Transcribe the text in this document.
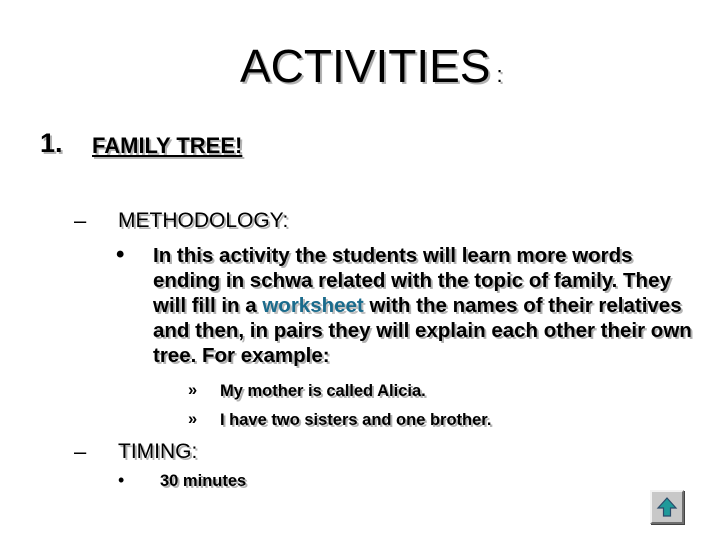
ACTIVITIES :
1. FAMILY TREE!
– METHODOLOGY:
• In this activity the students will learn more words ending in schwa related with the topic of family. They will fill in a worksheet with the names of their relatives and then, in pairs they will explain each other their own tree. For example:
» My mother is called Alicia.
» I have two sisters and one brother.
– TIMING:
• 30 minutes
